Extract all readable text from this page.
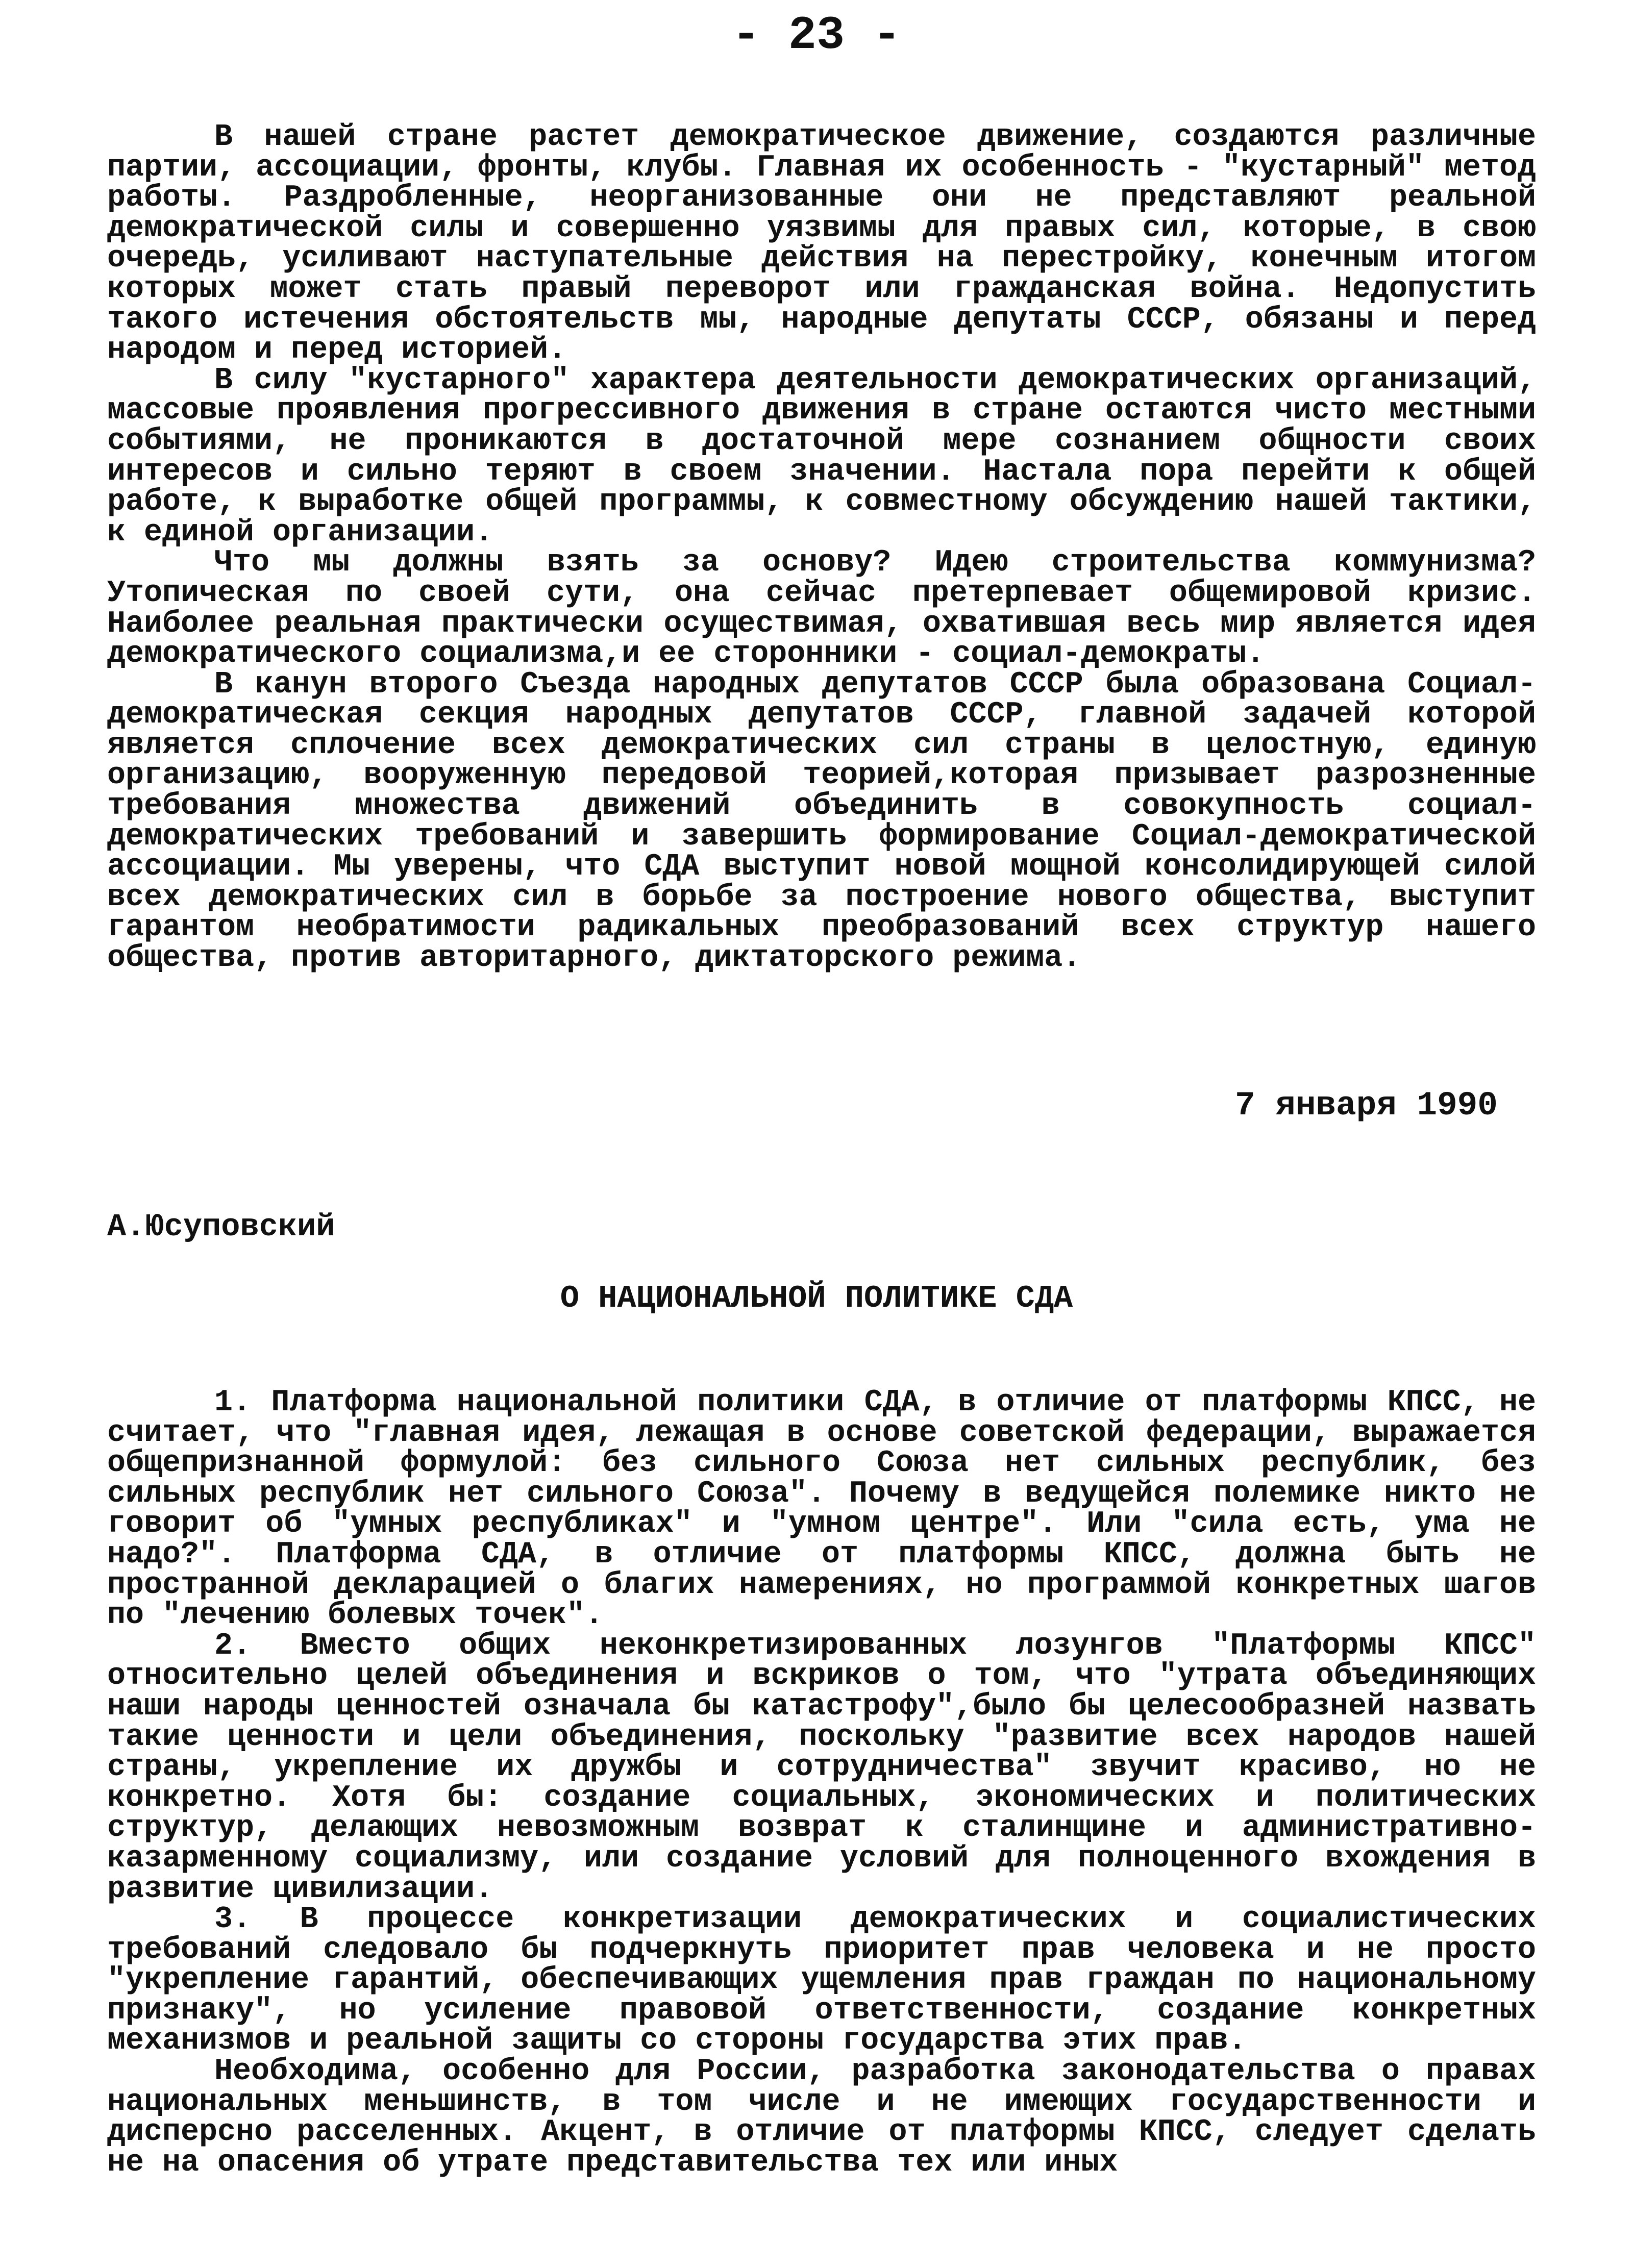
- 23 -

В нашей стране растет демократическое движение, создаются различные партии, ассоциации, фронты, клубы. Главная их особенность - "кустарный" метод работы. Раздробленные, неорганизованные они не представляют реальной демократической силы и совершенно уязвимы для правых сил, которые, в свою очередь, усиливают наступательные действия на перестройку, конечным итогом которых может стать правый переворот или гражданская война. Недопустить такого истечения обстоятельств мы, народные депутаты СССР, обязаны и перед народом и перед историей.

В силу "кустарного" характера деятельности демократических организаций, массовые проявления прогрессивного движения в стране остаются чисто местными событиями, не проникаются в достаточной мере сознанием общности своих интересов и сильно теряют в своем значении. Настала пора перейти к общей работе, к выработке общей программы, к совместному обсуждению нашей тактики, к единой организации.

Что мы должны взять за основу? Идею строительства коммунизма? Утопическая по своей сути, она сейчас претерпевает общемировой кризис. Наиболее реальная практически осуществимая, охватившая весь мир является идея демократического социализма,и ее сторонники - социал-демократы.

В канун второго Съезда народных депутатов СССР была образована Социал-демократическая секция народных депутатов СССР, главной задачей которой является сплочение всех демократических сил страны в целостную, единую организацию, вооруженную передовой теорией,которая призывает разрозненные требования множества движений объединить в совокупность социал-демократических требований и завершить формирование Социал-демократической ассоциации. Мы уверены, что СДА выступит новой мощной консолидирующей силой всех демократических сил в борьбе за построение нового общества, выступит гарантом необратимости радикальных преобразований всех структур нашего общества, против авторитарного, диктаторского режима.

7 января 1990
А.Юсуповский
О НАЦИОНАЛЬНОЙ ПОЛИТИКЕ СДА

1. Платформа национальной политики СДА, в отличие от платформы КПСС, не считает, что "главная идея, лежащая в основе советской федерации, выражается общепризнанной формулой: без сильного Союза нет сильных республик, без сильных республик нет сильного Союза". Почему в ведущейся полемике никто не говорит об "умных республиках" и "умном центре". Или "сила есть, ума не надо?". Платформа СДА, в отличие от платформы КПСС, должна быть не пространной декларацией о благих намерениях, но программой конкретных шагов по "лечению болевых точек".

2. Вместо общих неконкретизированных лозунгов "Платформы КПСС" относительно целей объединения и вскриков о том, что "утрата объединяющих наши народы ценностей означала бы катастрофу",было бы целесообразней назвать такие ценности и цели объединения, поскольку "развитие всех народов нашей страны, укрепление их дружбы и сотрудничества" звучит красиво, но не конкретно. Хотя бы: создание социальных, экономических и политических структур, делающих невозможным возврат к сталинщине и административно-казарменному социализму, или создание условий для полноценного вхождения в развитие цивилизации.

3. В процессе конкретизации демократических и социалистических требований следовало бы подчеркнуть приоритет прав человека и не просто "укрепление гарантий, обеспечивающих ущемления прав граждан по национальному признаку", но усиление правовой ответственности, создание конкретных механизмов и реальной защиты со стороны государства этих прав.

Необходима, особенно для России, разработка законодательства о правах национальных меньшинств, в том числе и не имеющих государственности и дисперсно расселенных. Акцент, в отличие от платформы КПСС, следует сделать не на опасения об утрате представительства тех или иных
